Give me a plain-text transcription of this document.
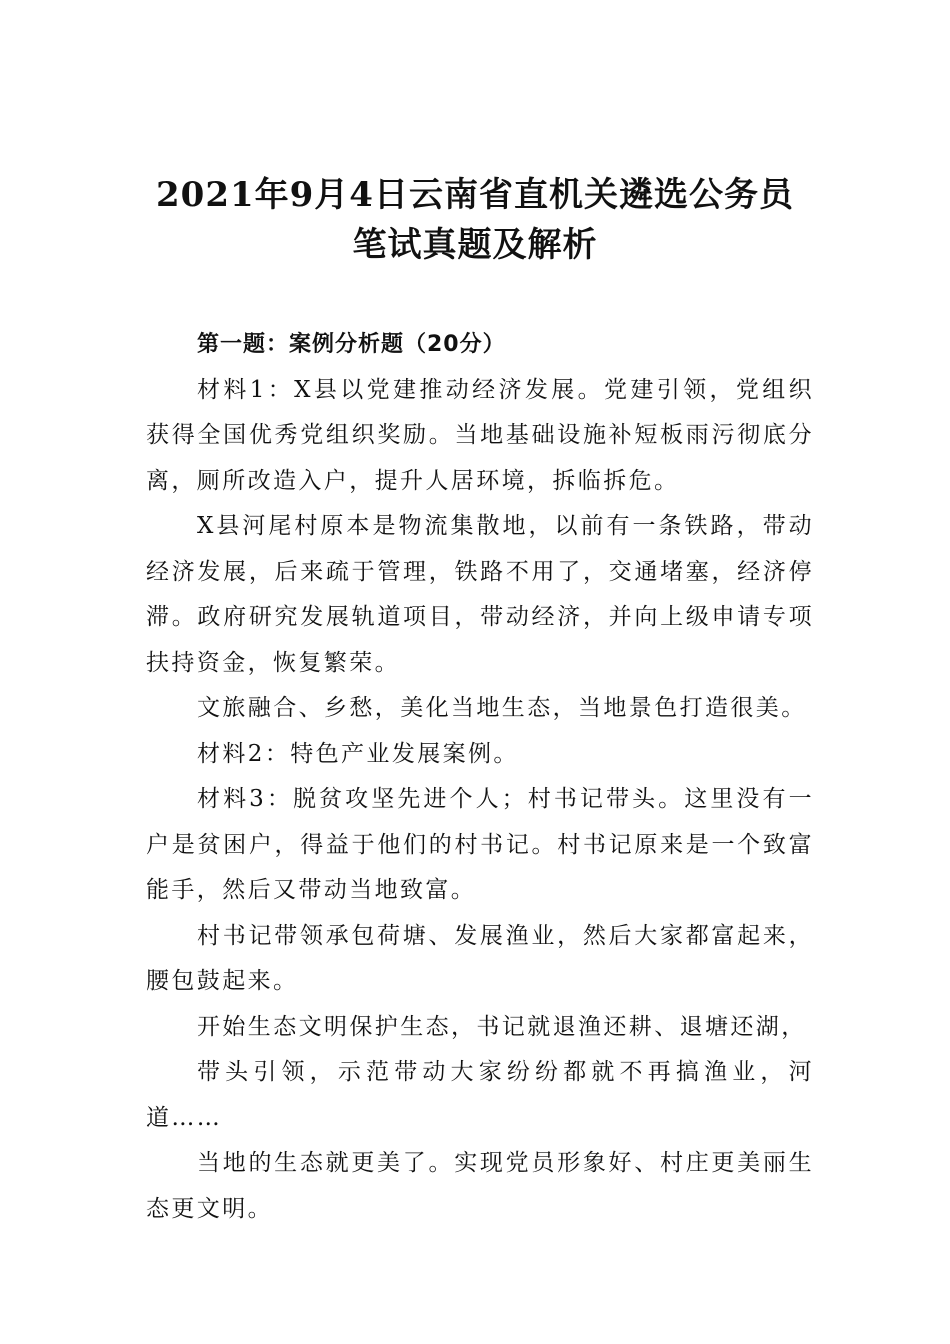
2021年9月4日云南省直机关遴选公务员
笔试真题及解析

第一题：案例分析题（20分）

材料1：X县以党建推动经济发展。党建引领，党组织获得全国优秀党组织奖励。当地基础设施补短板雨污彻底分离，厕所改造入户，提升人居环境，拆临拆危。

X县河尾村原本是物流集散地，以前有一条铁路，带动经济发展，后来疏于管理，铁路不用了，交通堵塞，经济停滞。政府研究发展轨道项目，带动经济，并向上级申请专项扶持资金，恢复繁荣。

文旅融合、乡愁，美化当地生态，当地景色打造很美。

材料2：特色产业发展案例。

材料3：脱贫攻坚先进个人；村书记带头。这里没有一户是贫困户，得益于他们的村书记。村书记原来是一个致富能手，然后又带动当地致富。

村书记带领承包荷塘、发展渔业，然后大家都富起来，腰包鼓起来。

开始生态文明保护生态，书记就退渔还耕、退塘还湖，

带头引领，示范带动大家纷纷都就不再搞渔业，河道……

当地的生态就更美了。实现党员形象好、村庄更美丽生态更文明。
